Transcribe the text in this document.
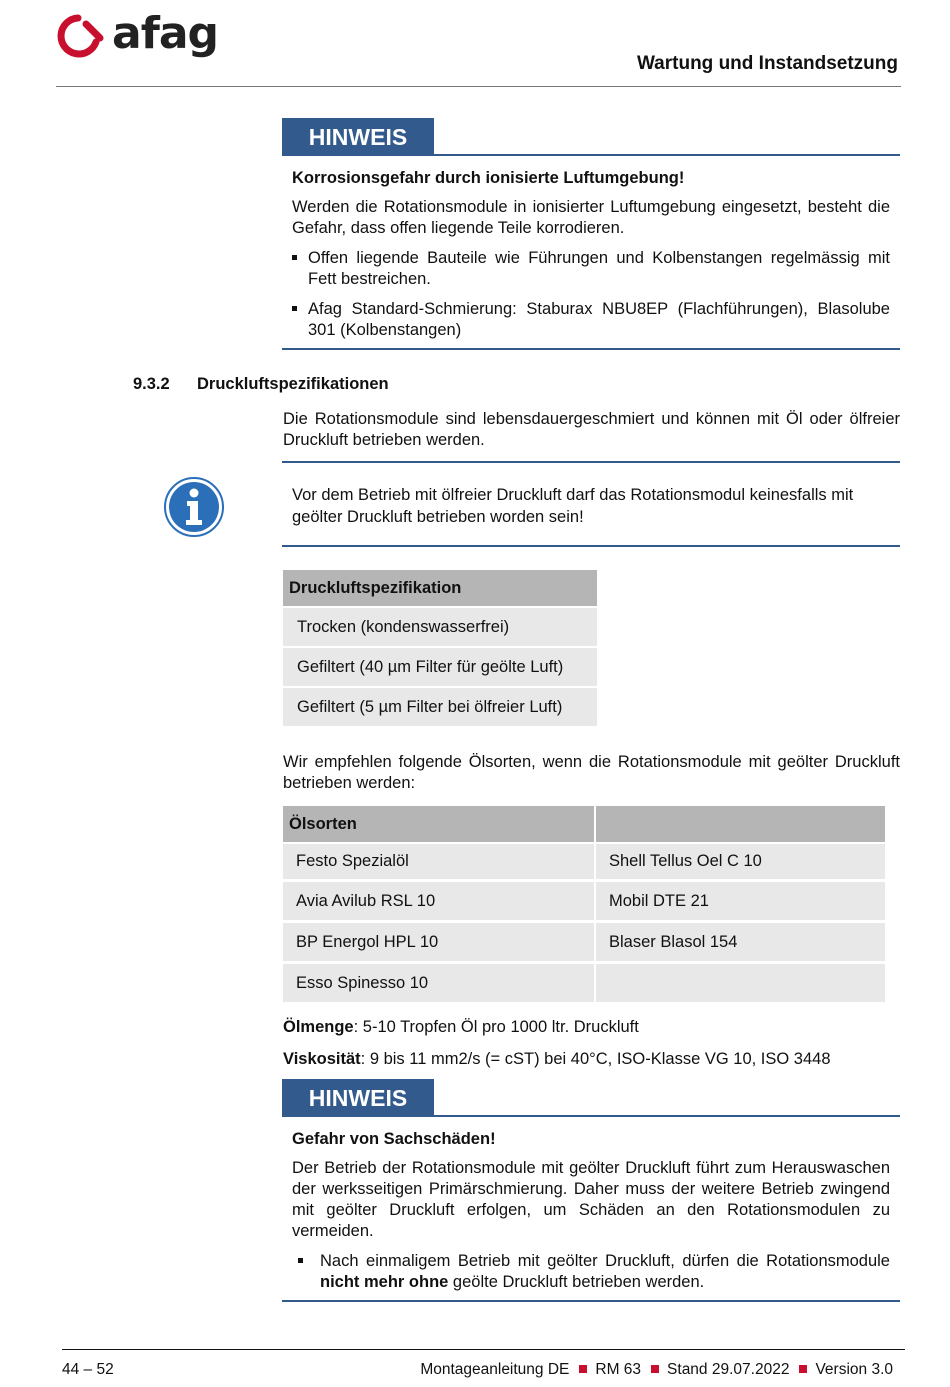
afag
Wartung und Instandsetzung
HINWEIS
Korrosionsgefahr durch ionisierte Luftumgebung!
Werden die Rotationsmodule in ionisierter Luftumgebung eingesetzt, besteht die Gefahr, dass offen liegende Teile korrodieren.
Offen liegende Bauteile wie Führungen und Kolbenstangen regelmässig mit Fett bestreichen.
Afag Standard-Schmierung: Staburax NBU8EP (Flachführungen), Blasolube 301 (Kolbenstangen)
9.3.2 Druckluftspezifikationen
Die Rotationsmodule sind lebensdauergeschmiert und können mit Öl oder ölfreier Druckluft betrieben werden.
Vor dem Betrieb mit ölfreier Druckluft darf das Rotationsmodul keinesfalls mit geölter Druckluft betrieben worden sein!
Druckluftspezifikation
Trocken (kondenswasserfrei)
Gefiltert (40 µm Filter für geölte Luft)
Gefiltert (5 µm Filter bei ölfreier Luft)
Wir empfehlen folgende Ölsorten, wenn die Rotationsmodule mit geölter Druckluft betrieben werden:
Ölsorten	
Festo Spezialöl	Shell Tellus Oel C 10
Avia Avilub RSL 10	Mobil DTE 21
BP Energol HPL 10	Blaser Blasol 154
Esso Spinesso 10	
Ölmenge: 5-10 Tropfen Öl pro 1000 ltr. Druckluft
Viskosität: 9 bis 11 mm2/s (= cST) bei 40°C, ISO-Klasse VG 10, ISO 3448
HINWEIS
Gefahr von Sachschäden!
Der Betrieb der Rotationsmodule mit geölter Druckluft führt zum Herauswaschen der werksseitigen Primärschmierung. Daher muss der weitere Betrieb zwingend mit geölter Druckluft erfolgen, um Schäden an den Rotationsmodulen zu vermeiden.
Nach einmaligem Betrieb mit geölter Druckluft, dürfen die Rotationsmodule nicht mehr ohne geölte Druckluft betrieben werden.
44 – 52	Montageanleitung DE RM 63 Stand 29.07.2022 Version 3.0
